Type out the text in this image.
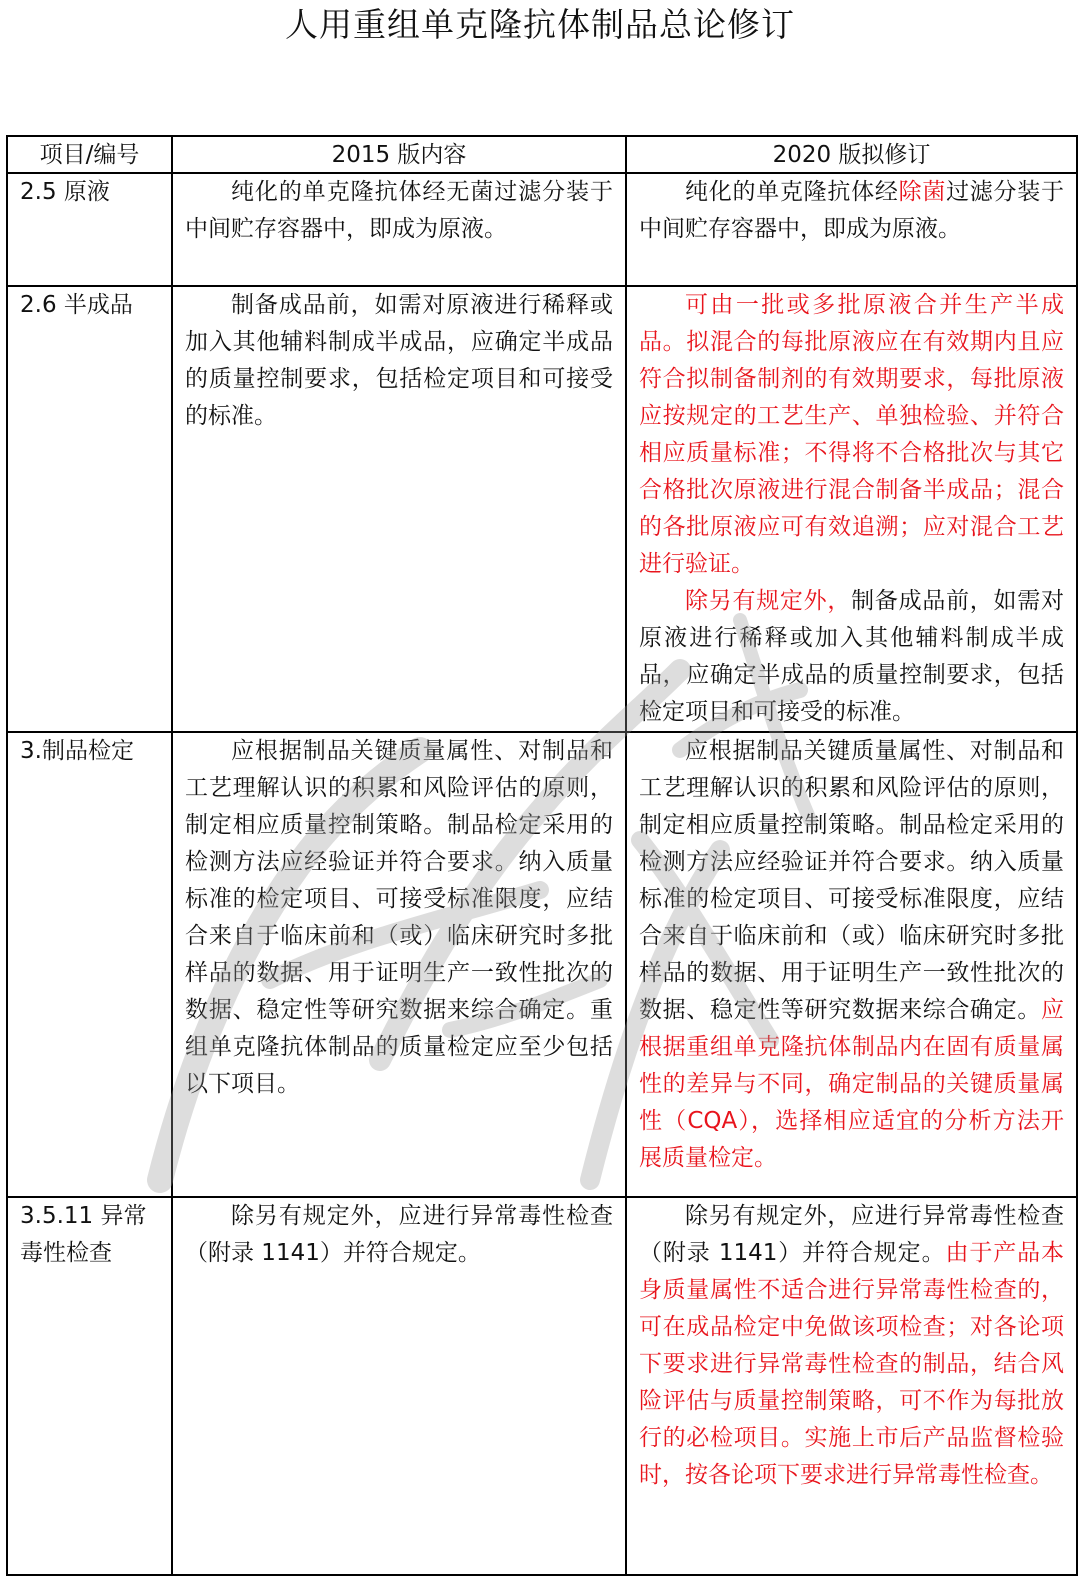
人用重组单克隆抗体制品总论修订
项目/编号	2015 版内容	2020 版拟修订
2.5 原液	纯化的单克隆抗体经无菌过滤分装于中间贮存容器中，即成为原液。	纯化的单克隆抗体经除菌过滤分装于中间贮存容器中，即成为原液。

2.6 半成品	制备成品前，如需对原液进行稀释或加入其他辅料制成半成品，应确定半成品的质量控制要求，包括检定项目和可接受的标准。	可由一批或多批原液合并生产半成品。拟混合的每批原液应在有效期内且应符合拟制备制剂的有效期要求，每批原液应按规定的工艺生产、单独检验、并符合相应质量标准；不得将不合格批次与其它合格批次原液进行混合制备半成品；混合的各批原液应可有效追溯；应对混合工艺进行验证。
除另有规定外，制备成品前，如需对原液进行稀释或加入其他辅料制成半成品，应确定半成品的质量控制要求，包括检定项目和可接受的标准。

3.制品检定	应根据制品关键质量属性、对制品和工艺理解认识的积累和风险评估的原则，制定相应质量控制策略。制品检定采用的检测方法应经验证并符合要求。纳入质量标准的检定项目、可接受标准限度，应结合来自于临床前和（或）临床研究时多批样品的数据、用于证明生产一致性批次的数据、稳定性等研究数据来综合确定。重组单克隆抗体制品的质量检定应至少包括以下项目。	应根据制品关键质量属性、对制品和工艺理解认识的积累和风险评估的原则，制定相应质量控制策略。制品检定采用的检测方法应经验证并符合要求。纳入质量标准的检定项目、可接受标准限度，应结合来自于临床前和（或）临床研究时多批样品的数据、用于证明生产一致性批次的数据、稳定性等研究数据来综合确定。应根据重组单克隆抗体制品内在固有质量属性的差异与不同，确定制品的关键质量属性（CQA），选择相应适宜的分析方法开展质量检定。

3.5.11 异常毒性检查	除另有规定外，应进行异常毒性检查（附录 1141）并符合规定。	除另有规定外，应进行异常毒性检查（附录 1141）并符合规定。由于产品本身质量属性不适合进行异常毒性检查的，可在成品检定中免做该项检查；对各论项下要求进行异常毒性检查的制品，结合风险评估与质量控制策略，可不作为每批放行的必检项目。实施上市后产品监督检验时，按各论项下要求进行异常毒性检查。
